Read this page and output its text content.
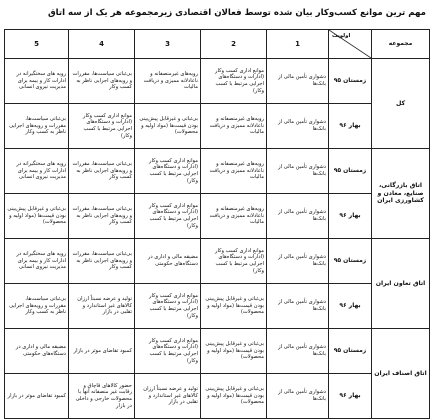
مهم ترین موانع کسب‌وکار بیان شده توسط فعالان اقتصادی زیرمجموعه هر یک از سه اتاق
مجموعه	اولویت	1	2	3	4	5
کل	زمستان ۹۵	دشواری تأمین مالی از بانک‌ها	موانع اداری کسب وکار (ادارات و دستگاه‌های اجرایی مرتبط با کسب وکار)	رویه‌های غیرمنصفانه و ناعادلانه ممیزی و دریافت مالیات	بی‌ثباتی سیاست‌ها، مقررات و رویه‌های اجرایی ناظر به کسب وکار	رویه های سختگیرانه در ادارات کار و بیمه برای مدیریت نیروی انسانی
	بهار ۹۶	دشواری تأمین مالی از بانک‌ها	رویه‌های غیرمنصفانه و ناعادلانه ممیزی و دریافت مالیات	بی‌ثباتی و غیرقابل پیش‌بینی بودن قیمت‌ها (مواد اولیه و محصولات)	موانع اداری کسب وکار (ادارات و دستگاه‌های اجرایی مرتبط با کسب وکار)	بی‌ثباتی سیاست‌ها، مقررات و رویه‌های اجرایی ناظر به کسب وکار
اتاق بازرگانی، صنایع، معادن و کشاورزی ایران	زمستان ۹۵	دشواری تأمین مالی از بانک‌ها	رویه‌های غیرمنصفانه و ناعادلانه ممیزی و دریافت مالیات	موانع اداری کسب وکار (ادارات و دستگاه‌های اجرایی مرتبط با کسب وکار)	بی‌ثباتی سیاست‌ها، مقررات و رویه‌های اجرایی ناظر به کسب وکار	رویه های سختگیرانه در ادارات کار و بیمه برای مدیریت نیروی انسانی
	بهار ۹۶	دشواری تأمین مالی از بانک‌ها	رویه‌های غیرمنصفانه و ناعادلانه ممیزی و دریافت مالیات	موانع اداری کسب وکار (ادارات و دستگاه‌های اجرایی مرتبط با کسب وکار)	بی‌ثباتی سیاست‌ها، مقررات و رویه‌های اجرایی ناظر به کسب وکار	بی‌ثباتی و غیرقابل پیش‌بینی بودن قیمت‌ها (مواد اولیه و محصولات)
اتاق تعاون ایران	زمستان ۹۵	دشواری تأمین مالی از بانک‌ها	موانع اداری کسب وکار (ادارات و دستگاه‌های اجرایی مرتبط با کسب وکار)	مضیقه مالی و اداری در دستگاه‌های حکومتی	بی‌ثباتی سیاست‌ها، مقررات و رویه‌های اجرایی ناظر به کسب وکار	رویه های سختگیرانه در ادارات کار و بیمه برای مدیریت نیروی انسانی
	بهار ۹۶	دشواری تأمین مالی از بانک‌ها	بی‌ثباتی و غیرقابل پیش‌بینی بودن قیمت‌ها (مواد اولیه و محصولات)	موانع اداری کسب وکار (ادارات و دستگاه‌های اجرایی مرتبط با کسب وکار)	تولید و عرضه نسبتاً ارزان کالاهای غیر استاندارد و تقلبی در بازار	بی‌ثباتی سیاست‌ها، مقررات و رویه‌های اجرایی ناظر به کسب وکار
اتاق اصناف ایران	زمستان ۹۵	دشواری تأمین مالی از بانک‌ها	بی‌ثباتی و غیرقابل پیش‌بینی بودن قیمت‌ها (مواد اولیه و محصولات)	موانع اداری کسب وکار (ادارات و دستگاه‌های اجرایی مرتبط با کسب وکار)	کمبود تقاضای موثر در بازار	مضیقه مالی و اداری در دستگاه‌های حکومتی
	بهار ۹۶	دشواری تأمین مالی از بانک‌ها	بی‌ثباتی و غیرقابل پیش‌بینی بودن قیمت‌ها (مواد اولیه و محصولات)	تولید و عرضه نسبتاً ارزان کالاهای غیر استاندارد و تقلبی در بازار	حضور کالاهای قاچاق و رقابت غیر منصفانه آنها با محصولات خارجی و داخلی در بازار	کمبود تقاضای موثر در بازار
